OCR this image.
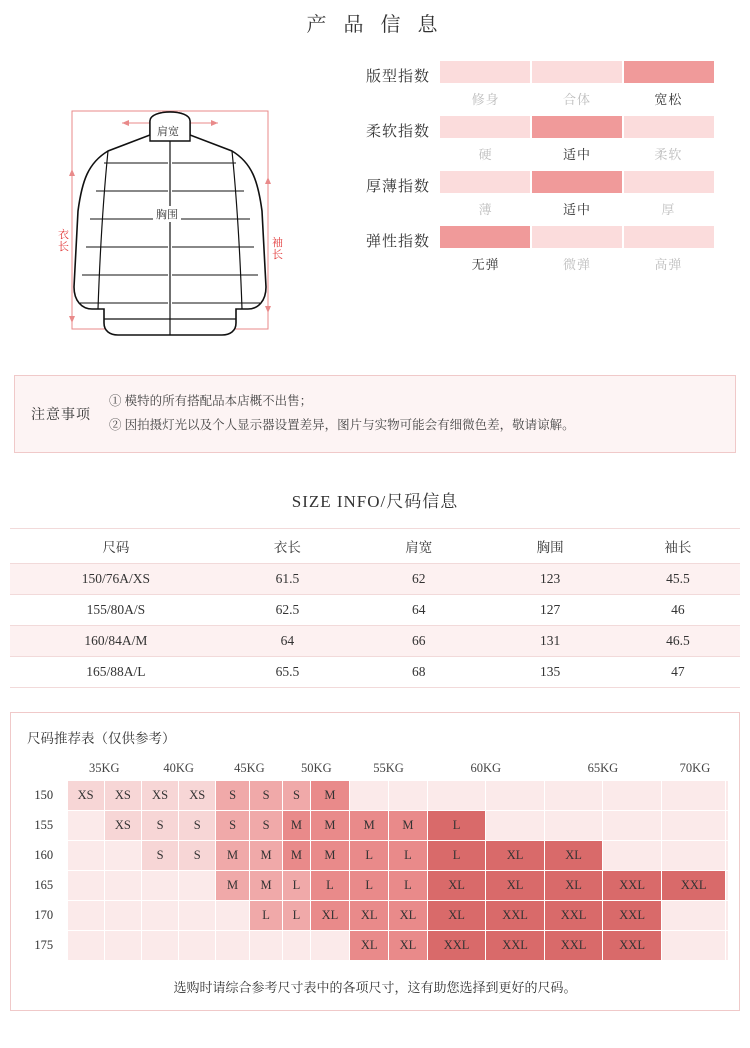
产 品 信 息
肩宽
胸围
衣长	袖长
版型指数
修身	合体	宽松
柔软指数
硬	适中	柔软
厚薄指数
薄	适中	厚
弹性指数
无弹	微弹	高弹
注意事项
① 模特的所有搭配品本店概不出售；
② 因拍摄灯光以及个人显示器设置差异，图片与实物可能会有细微色差，敬请谅解。
SIZE INFO/尺码信息
尺码	衣长	肩宽	胸围	袖长
150/76A/XS	61.5	62	123	45.5
155/80A/S	62.5	64	127	46
160/84A/M	64	66	131	46.5
165/88A/L	65.5	68	135	47
尺码推荐表（仅供参考）
	35KG		40KG		45KG		50KG		55KG		60KG		65KG		70KG	
150	XS	XS	XS	XS	S	S	S	M								
155		XS	S	S	S	S	M	M	M	M	L					
160			S	S	M	M	M	M	L	L	L	XL	XL			
165					M	M	L	L	L	L	XL	XL	XL	XXL	XXL	
170						L	L	XL	XL	XL	XL	XXL	XXL	XXL		
175									XL	XL	XXL	XXL	XXL	XXL		
选购时请综合参考尺寸表中的各项尺寸，这有助您选择到更好的尺码。
